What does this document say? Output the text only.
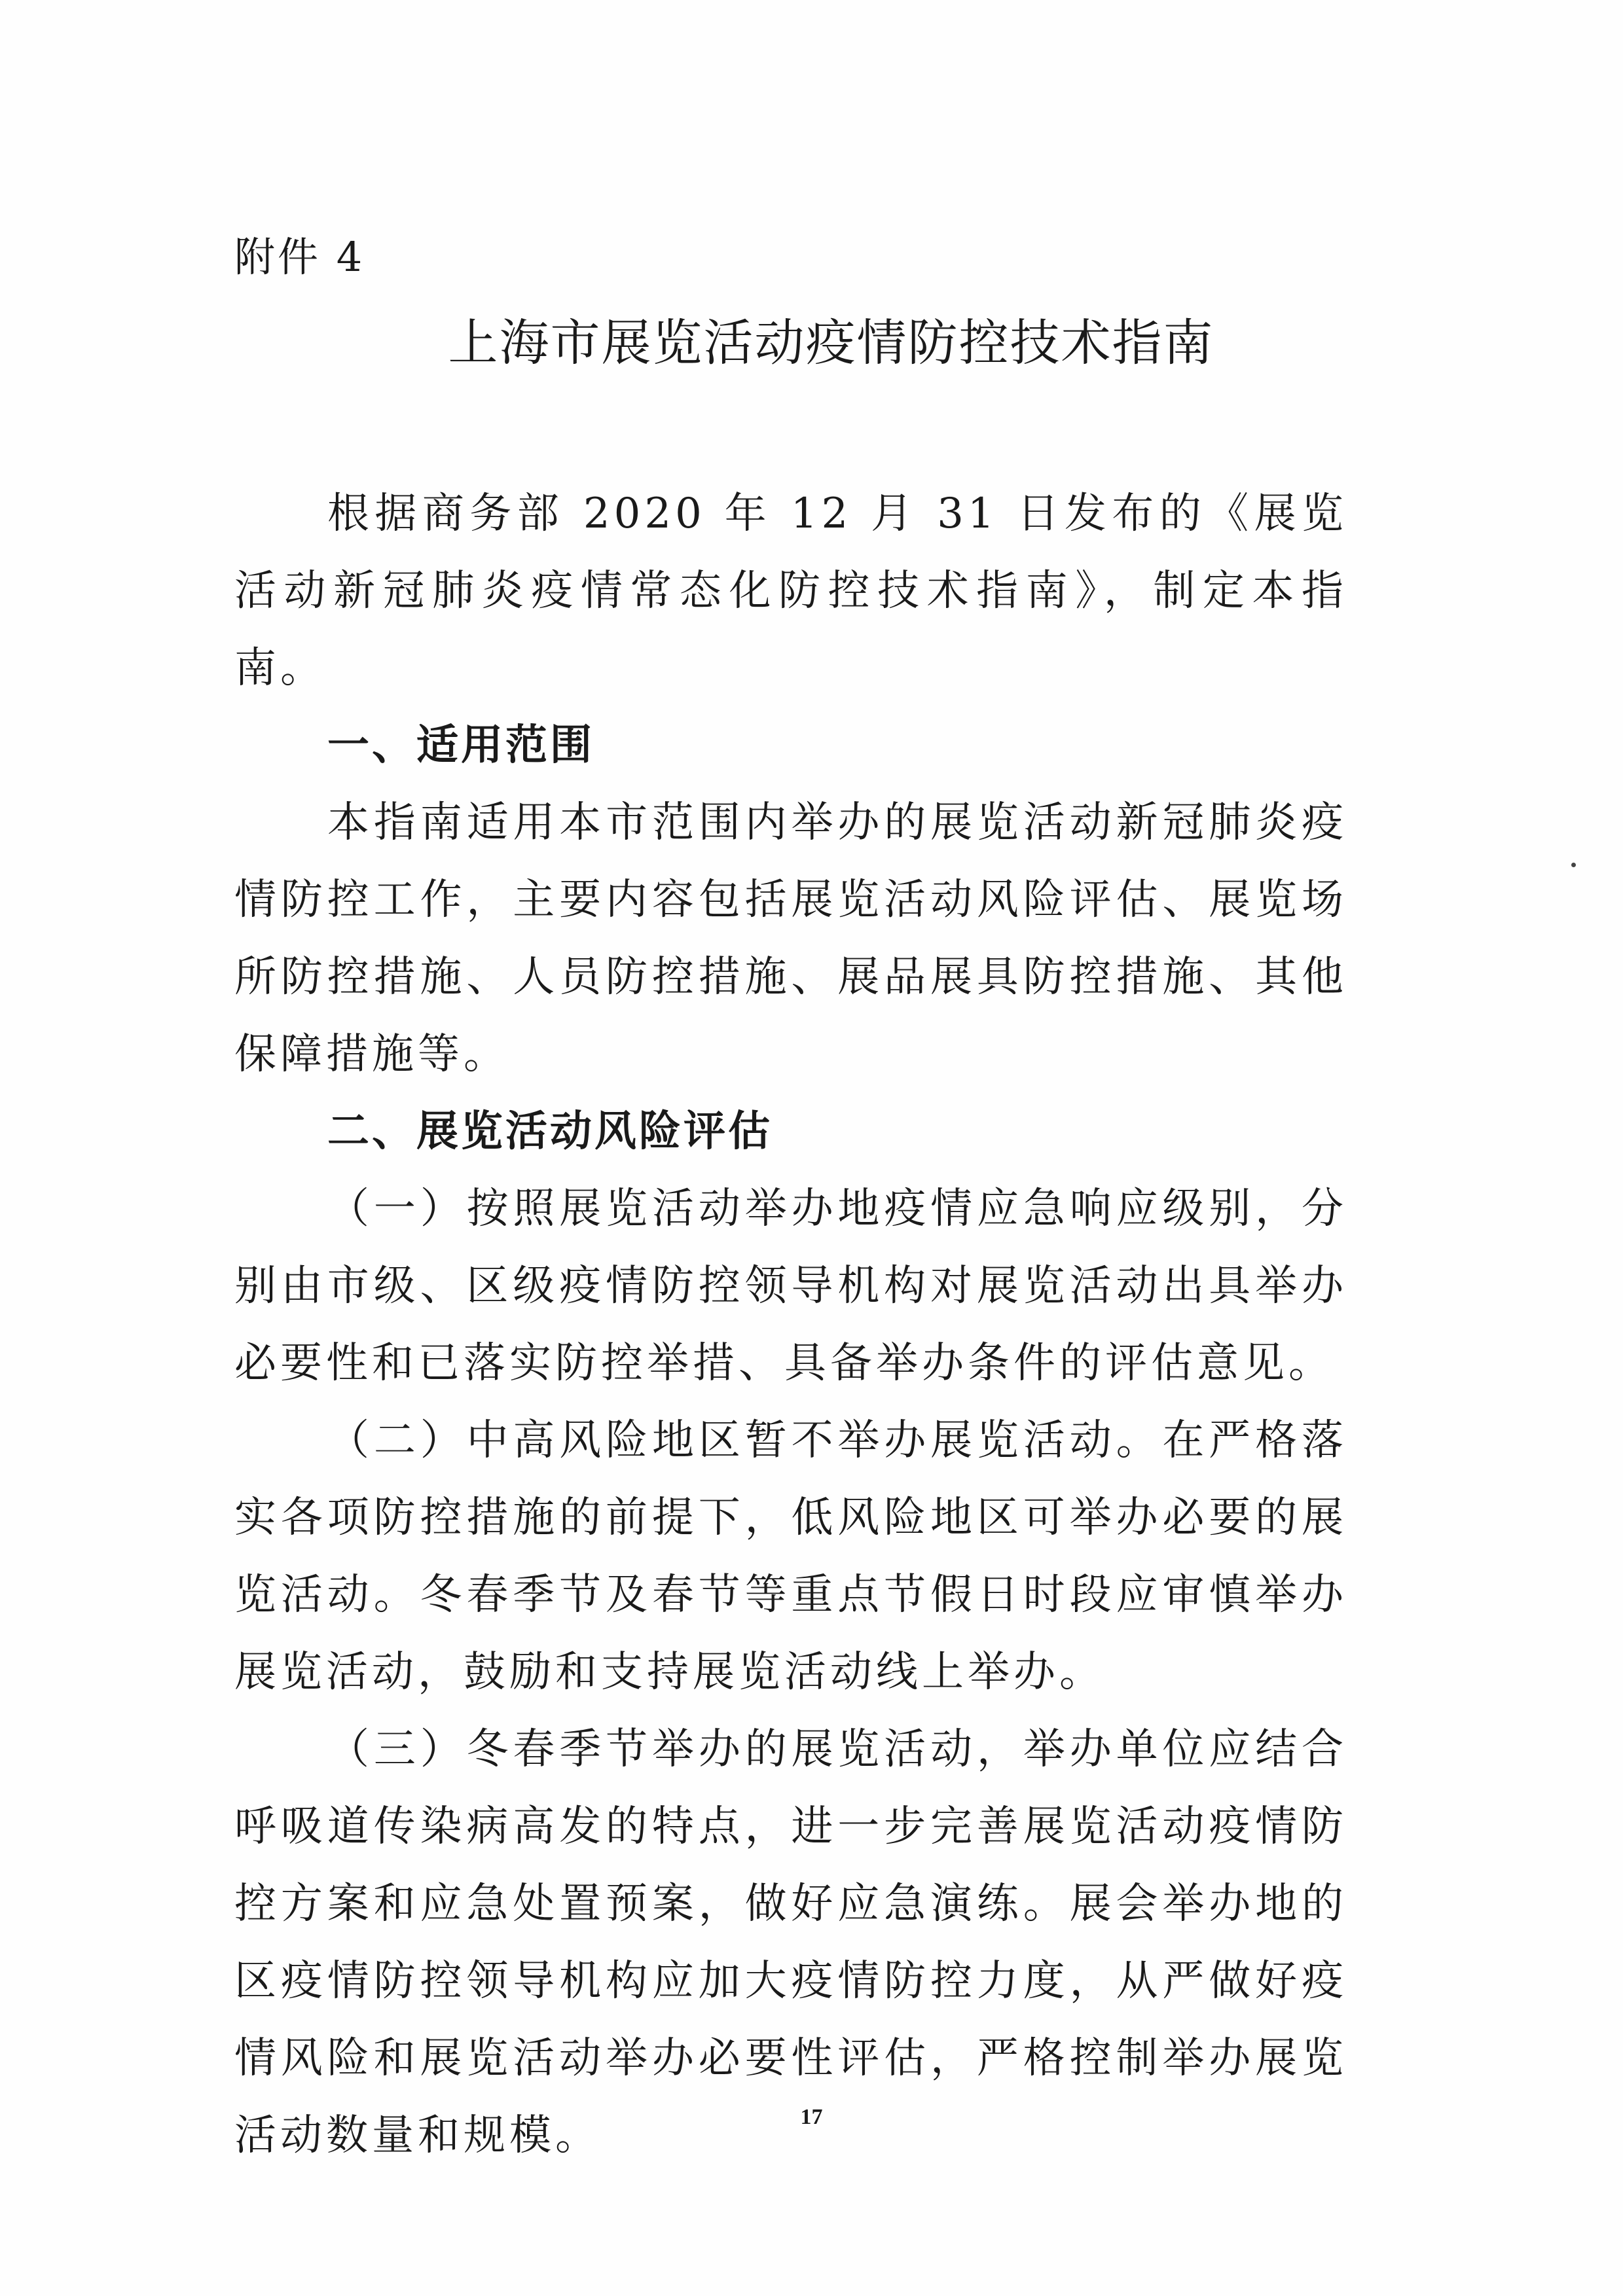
附件 4
上海市展览活动疫情防控技术指南

根据商务部 2020 年 12 月 31 日发布的《展览活动新冠肺炎疫情常态化防控技术指南》，制定本指南。

一、适用范围

本指南适用本市范围内举办的展览活动新冠肺炎疫情防控工作，主要内容包括展览活动风险评估、展览场所防控措施、人员防控措施、展品展具防控措施、其他保障措施等。

二、展览活动风险评估

（一）按照展览活动举办地疫情应急响应级别，分别由市级、区级疫情防控领导机构对展览活动出具举办必要性和已落实防控举措、具备举办条件的评估意见。

（二）中高风险地区暂不举办展览活动。在严格落实各项防控措施的前提下，低风险地区可举办必要的展览活动。冬春季节及春节等重点节假日时段应审慎举办展览活动，鼓励和支持展览活动线上举办。

（三）冬春季节举办的展览活动，举办单位应结合呼吸道传染病高发的特点，进一步完善展览活动疫情防控方案和应急处置预案，做好应急演练。展会举办地的区疫情防控领导机构应加大疫情防控力度，从严做好疫情风险和展览活动举办必要性评估，严格控制举办展览活动数量和规模。	17
